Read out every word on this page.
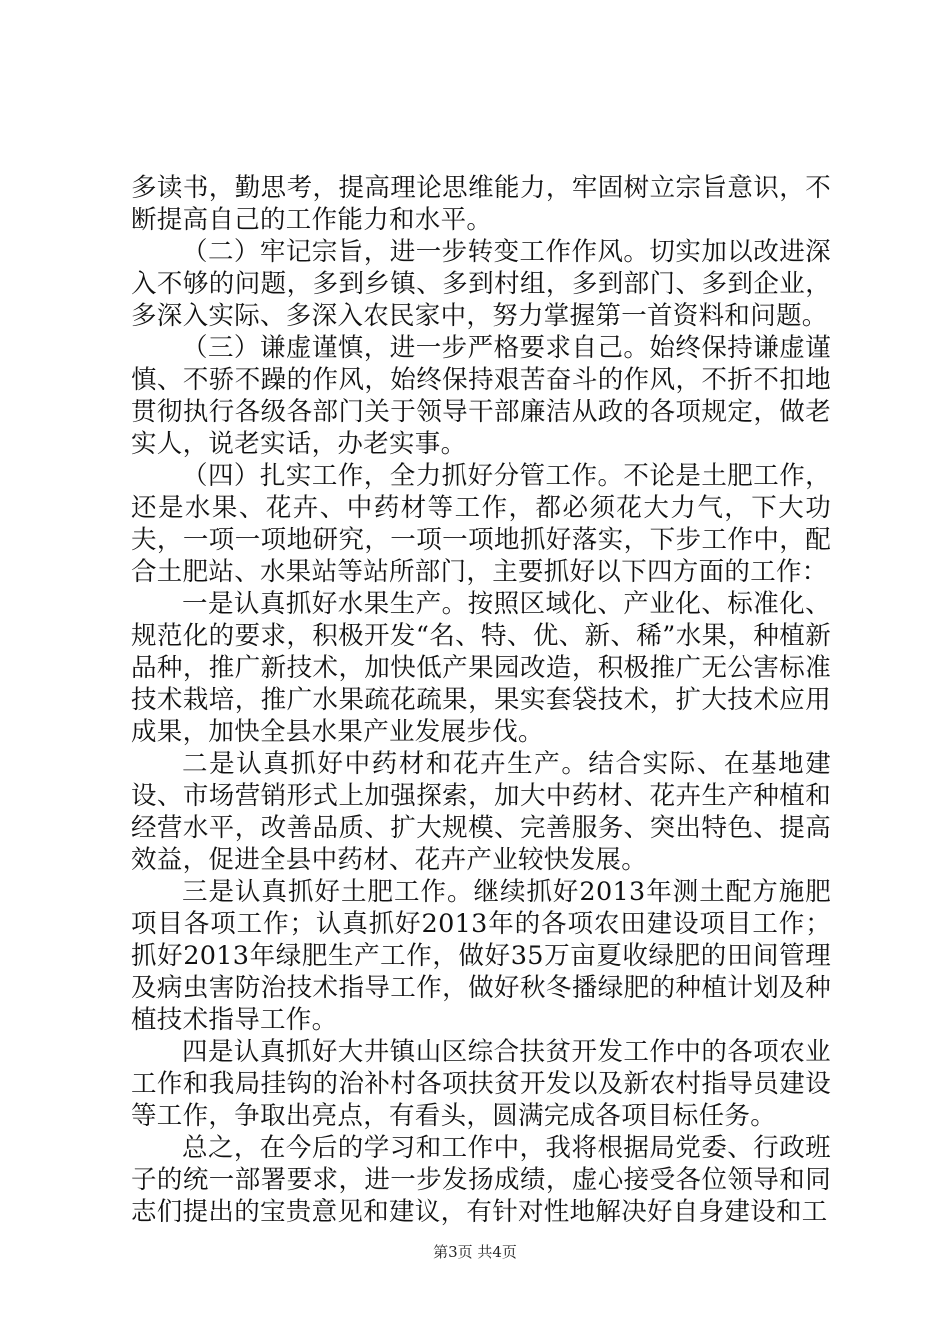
多读书，勤思考，提高理论思维能力，牢固树立宗旨意识，不断提高自己的工作能力和水平。

（二）牢记宗旨，进一步转变工作作风。切实加以改进深入不够的问题，多到乡镇、多到村组，多到部门、多到企业，多深入实际、多深入农民家中，努力掌握第一首资料和问题。

（三）谦虚谨慎，进一步严格要求自己。始终保持谦虚谨慎、不骄不躁的作风，始终保持艰苦奋斗的作风，不折不扣地贯彻执行各级各部门关于领导干部廉洁从政的各项规定，做老实人，说老实话，办老实事。

（四）扎实工作，全力抓好分管工作。不论是土肥工作，还是水果、花卉、中药材等工作，都必须花大力气，下大功夫，一项一项地研究，一项一项地抓好落实，下步工作中，配合土肥站、水果站等站所部门，主要抓好以下四方面的工作：

一是认真抓好水果生产。按照区域化、产业化、标准化、规范化的要求，积极开发“名、特、优、新、稀”水果，种植新品种，推广新技术，加快低产果园改造，积极推广无公害标准技术栽培，推广水果疏花疏果，果实套袋技术，扩大技术应用成果，加快全县水果产业发展步伐。

二是认真抓好中药材和花卉生产。结合实际、在基地建设、市场营销形式上加强探索，加大中药材、花卉生产种植和经营水平，改善品质、扩大规模、完善服务、突出特色、提高效益，促进全县中药材、花卉产业较快发展。

三是认真抓好土肥工作。继续抓好2013年测土配方施肥项目各项工作；认真抓好2013年的各项农田建设项目工作；抓好2013年绿肥生产工作，做好35万亩夏收绿肥的田间管理及病虫害防治技术指导工作，做好秋冬播绿肥的种植计划及种植技术指导工作。

四是认真抓好大井镇山区综合扶贫开发工作中的各项农业工作和我局挂钩的治补村各项扶贫开发以及新农村指导员建设等工作，争取出亮点，有看头，圆满完成各项目标任务。

总之，在今后的学习和工作中，我将根据局党委、行政班子的统一部署要求，进一步发扬成绩，虚心接受各位领导和同志们提出的宝贵意见和建议，有针对性地解决好自身建设和工

第3页 共4页
